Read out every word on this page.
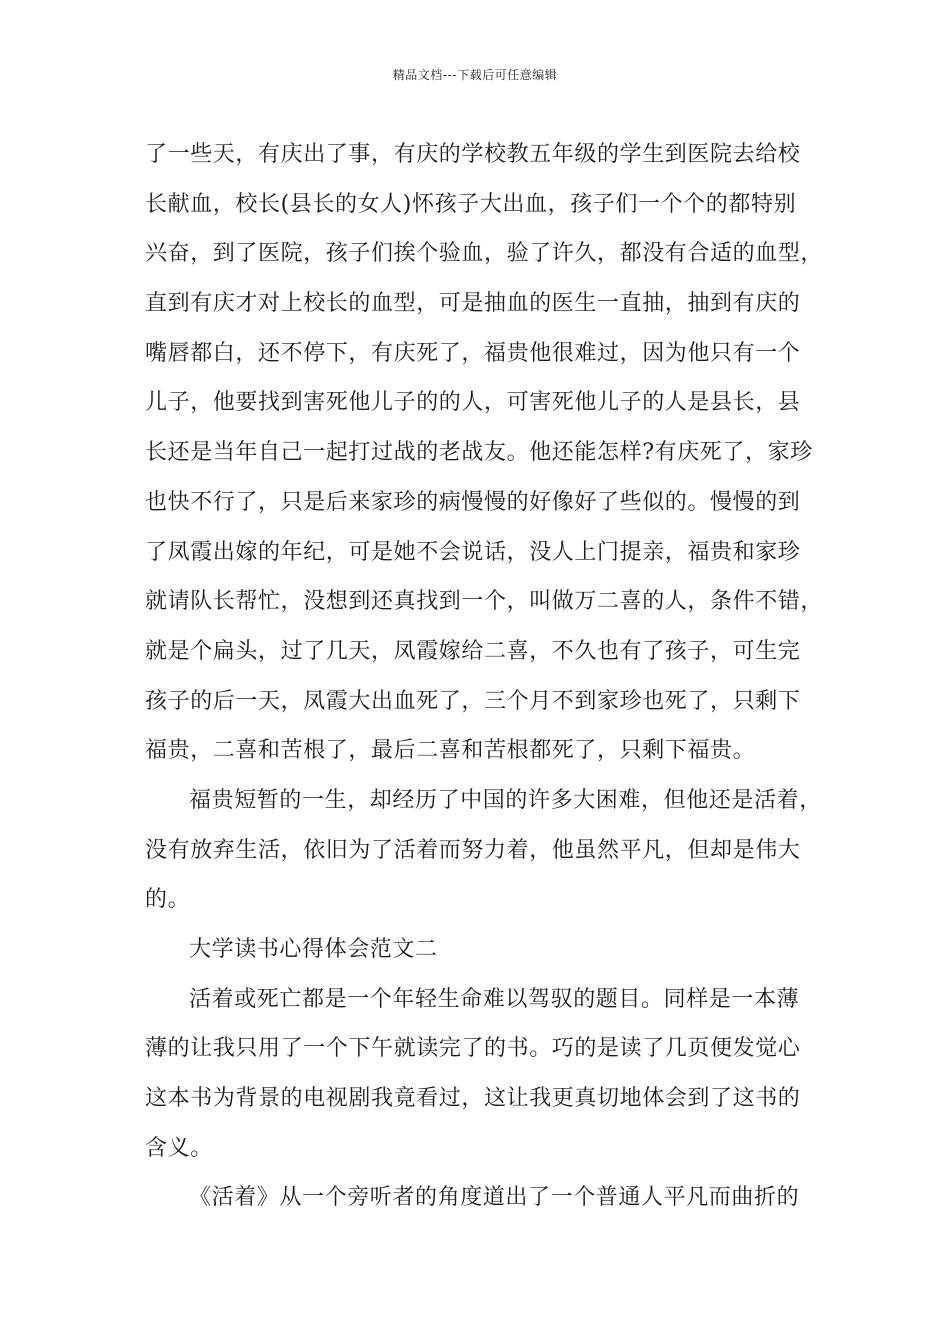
精品文档---下载后可任意编辑
了一些天，有庆出了事，有庆的学校教五年级的学生到医院去给校
长献血，校长(县长的女人)怀孩子大出血，孩子们一个个的都特别
兴奋，到了医院，孩子们挨个验血，验了许久，都没有合适的血型，
直到有庆才对上校长的血型，可是抽血的医生一直抽，抽到有庆的
嘴唇都白，还不停下，有庆死了，福贵他很难过，因为他只有一个
儿子，他要找到害死他儿子的的人，可害死他儿子的人是县长，县
长还是当年自己一起打过战的老战友。他还能怎样?有庆死了，家珍
也快不行了，只是后来家珍的病慢慢的好像好了些似的。慢慢的到
了凤霞出嫁的年纪，可是她不会说话，没人上门提亲，福贵和家珍
就请队长帮忙，没想到还真找到一个，叫做万二喜的人，条件不错，
就是个扁头，过了几天，凤霞嫁给二喜，不久也有了孩子，可生完
孩子的后一天，凤霞大出血死了，三个月不到家珍也死了，只剩下
福贵，二喜和苦根了，最后二喜和苦根都死了，只剩下福贵。
福贵短暂的一生，却经历了中国的许多大困难，但他还是活着，
没有放弃生活，依旧为了活着而努力着，他虽然平凡，但却是伟大
的。
大学读书心得体会范文二
活着或死亡都是一个年轻生命难以驾驭的题目。同样是一本薄
薄的让我只用了一个下午就读完了的书。巧的是读了几页便发觉心
这本书为背景的电视剧我竟看过，这让我更真切地体会到了这书的
含义。
《活着》从一个旁听者的角度道出了一个普通人平凡而曲折的
